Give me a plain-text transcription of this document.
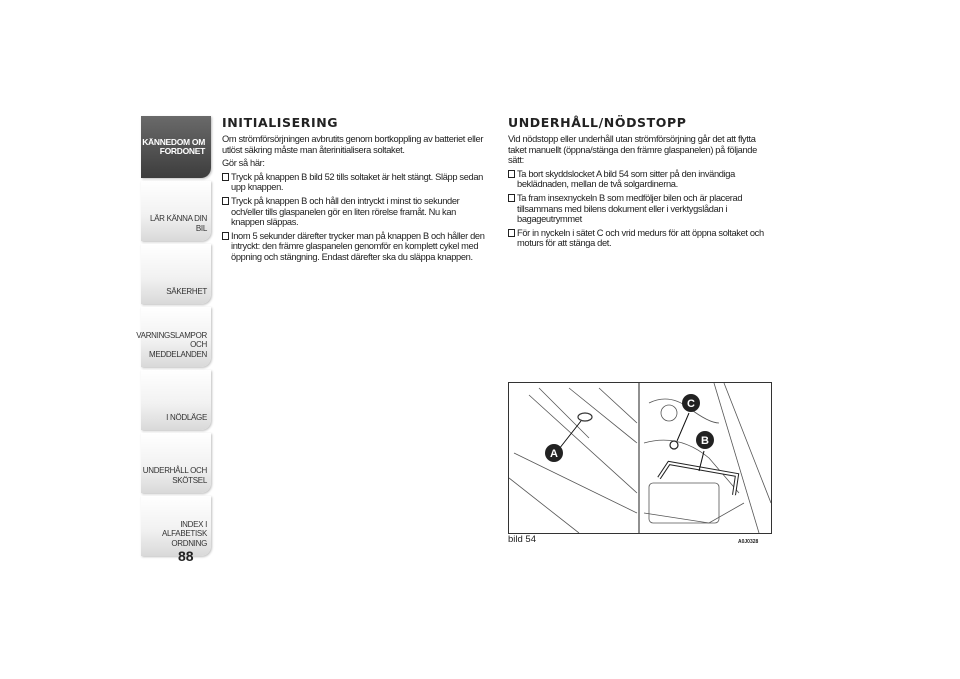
KÄNNEDOM OM
FORDONET
LÄR KÄNNA DIN BIL
SÄKERHET
VARNINGSLAMPOR
OCH MEDDELANDEN
I NÖDLÄGE
UNDERHÅLL OCH
SKÖTSEL
INDEX I ALFABETISK
ORDNING
88
INITIALISERING

Om strömförsörjningen avbrutits genom bortkoppling av batteriet eller utlöst säkring måste man återinitialisera soltaket.

Gör så här:

Tryck på knappen B bild 52 tills soltaket är helt stängt. Släpp sedan upp knappen.
Tryck på knappen B och håll den intryckt i minst tio sekunder och/eller tills glaspanelen gör en liten rörelse framåt. Nu kan knappen släppas.
Inom 5 sekunder därefter trycker man på knappen B och håller den intryckt: den främre glaspanelen genomför en komplett cykel med öppning och stängning. Endast därefter ska du släppa knappen.
UNDERHÅLL/NÖDSTOPP

Vid nödstopp eller underhåll utan strömförsörjning går det att flytta taket manuellt (öppna/stänga den främre glaspanelen) på följande sätt:

Ta bort skyddslocket A bild 54 som sitter på den invändiga beklädnaden, mellan de två solgardinerna.
Ta fram insexnyckeln B som medföljer bilen och är placerad tillsammans med bilens dokument eller i verktygslådan i bagageutrymmet
För in nyckeln i sätet C och vrid medurs för att öppna soltaket och moturs för att stänga det.
A
C
B
bild 54	A0J0328
